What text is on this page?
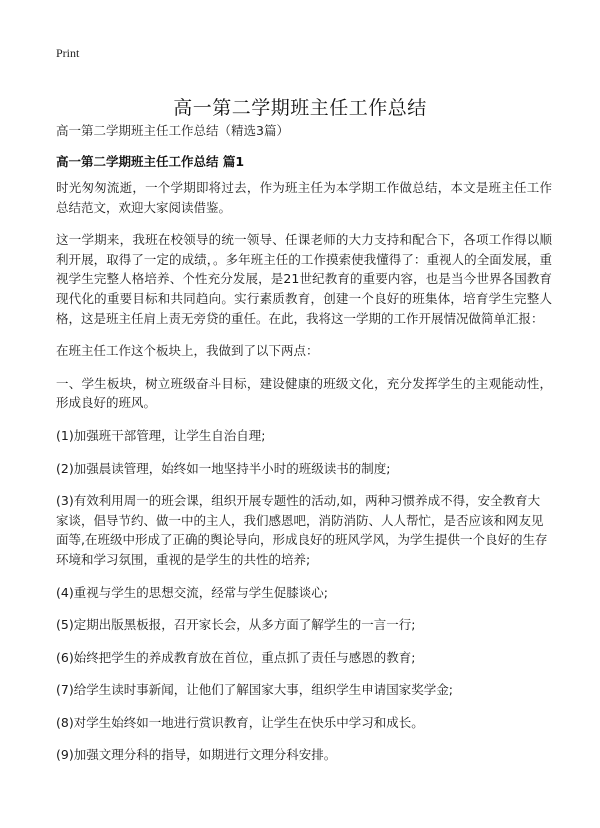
Print
高一第二学期班主任工作总结
高一第二学期班主任工作总结（精选3篇）
高一第二学期班主任工作总结 篇1

时光匆匆流逝，一个学期即将过去，作为班主任为本学期工作做总结，本文是班主任工作总结范文，欢迎大家阅读借鉴。

这一学期来，我班在校领导的统一领导、任课老师的大力支持和配合下，各项工作得以顺利开展，取得了一定的成绩，。多年班主任的工作摸索使我懂得了：重视人的全面发展，重视学生完整人格培养、个性充分发展，是21世纪教育的重要内容，也是当今世界各国教育现代化的重要目标和共同趋向。实行素质教育，创建一个良好的班集体，培育学生完整人格，这是班主任肩上责无旁贷的重任。在此，我将这一学期的工作开展情况做简单汇报：

在班主任工作这个板块上，我做到了以下两点：

一、学生板块，树立班级奋斗目标，建设健康的班级文化，充分发挥学生的主观能动性，形成良好的班风。

(1)加强班干部管理，让学生自治自理;

(2)加强晨读管理，始终如一地坚持半小时的班级读书的制度;

(3)有效利用周一的班会课，组织开展专题性的活动,如，两种习惯养成不得，安全教育大家谈，倡导节约、做一中的主人，我们感恩吧，消防消防、人人帮忙，是否应该和网友见面等,在班级中形成了正确的舆论导向，形成良好的班风学风，为学生提供一个良好的生存环境和学习氛围，重视的是学生的共性的培养;

(4)重视与学生的思想交流，经常与学生促膝谈心;

(5)定期出版黑板报，召开家长会，从多方面了解学生的一言一行;

(6)始终把学生的养成教育放在首位，重点抓了责任与感恩的教育;

(7)给学生读时事新闻，让他们了解国家大事，组织学生申请国家奖学金;

(8)对学生始终如一地进行赏识教育，让学生在快乐中学习和成长。

(9)加强文理分科的指导，如期进行文理分科安排。
